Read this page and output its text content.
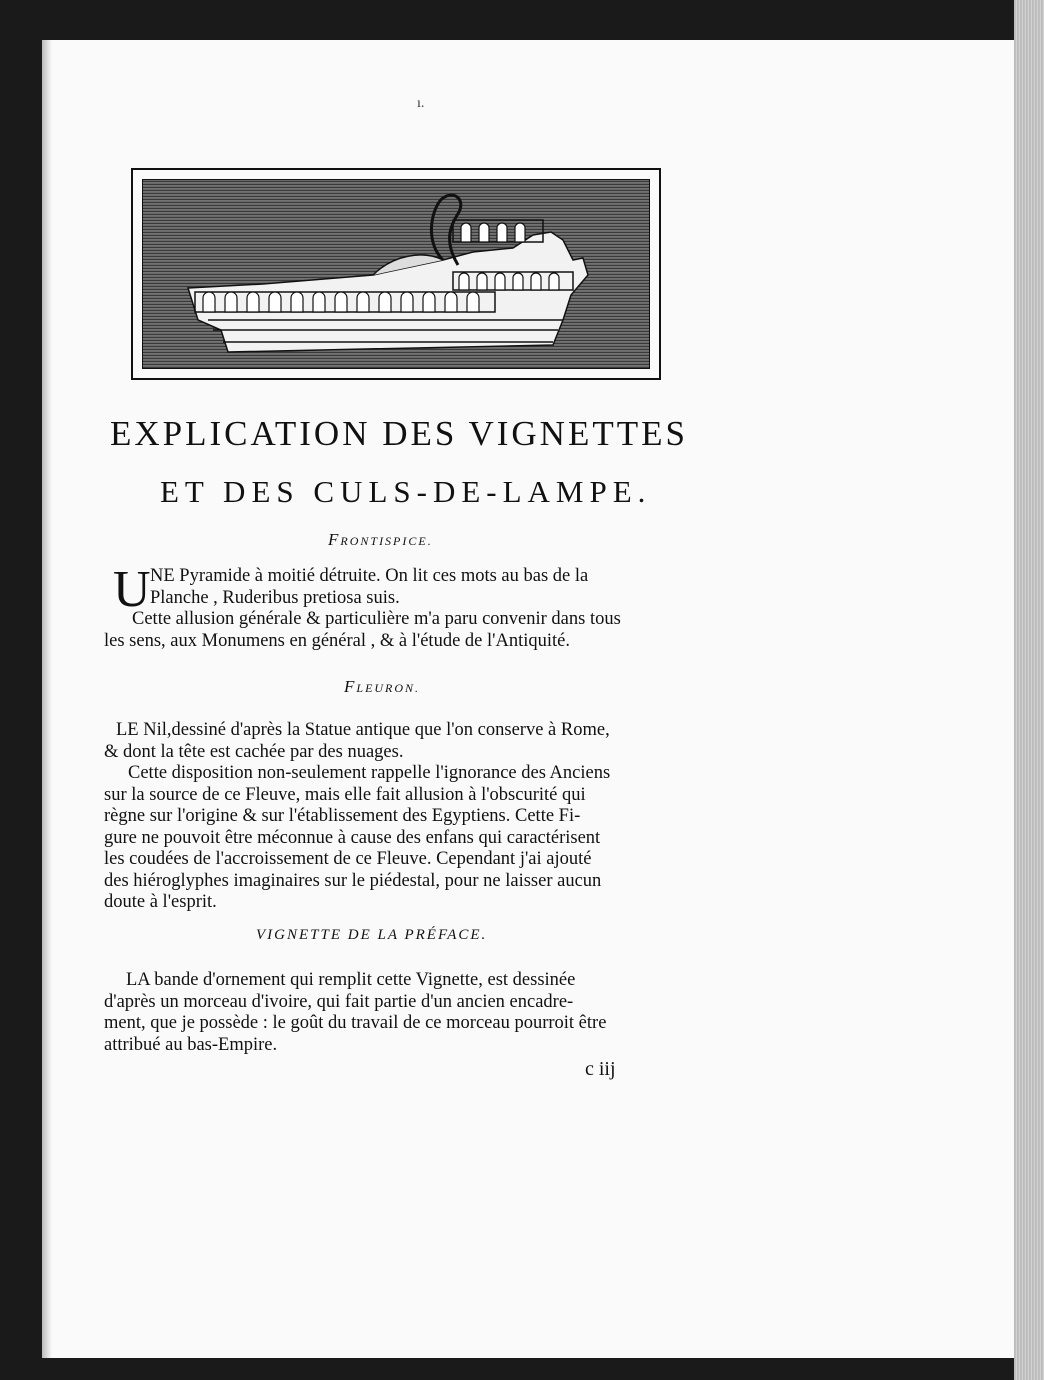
ı.
EXPLICATION DES VIGNETTES
ET DES CULS-DE-LAMPE.
FRONTISPICE.
U NE Pyramide à moitié détruite. On lit ces mots au bas de la
Planche , Ruderibus pretiosa suis.
Cette allusion générale & particulière m'a paru convenir dans tous
les sens, aux Monumens en général , & à l'étude de l'Antiquité.
FLEURON.
LE Nil,dessiné d'après la Statue antique que l'on conserve à Rome,
& dont la tête est cachée par des nuages.
Cette disposition non-seulement rappelle l'ignorance des Anciens
sur la source de ce Fleuve, mais elle fait allusion à l'obscurité qui
règne sur l'origine & sur l'établissement des Egyptiens. Cette Fi-
gure ne pouvoit être méconnue à cause des enfans qui caractérisent
les coudées de l'accroissement de ce Fleuve. Cependant j'ai ajouté
des hiéroglyphes imaginaires sur le piédestal, pour ne laisser aucun
doute à l'esprit.
VIGNETTE DE LA PRÉFACE.
LA bande d'ornement qui remplit cette Vignette, est dessinée
d'après un morceau d'ivoire, qui fait partie d'un ancien encadre-
ment, que je possède : le goût du travail de ce morceau pourroit être
attribué au bas-Empire.
c iij
